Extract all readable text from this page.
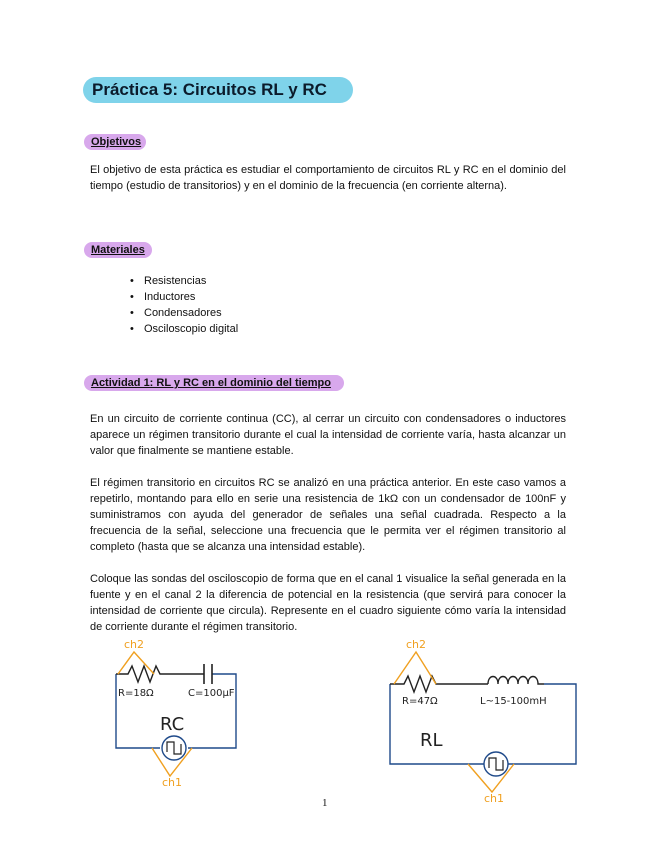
Práctica 5: Circuitos RL y RC
Objetivos

El objetivo de esta práctica es estudiar el comportamiento de circuitos RL y RC en el dominio del tiempo (estudio de transitorios) y en el dominio de la frecuencia (en corriente alterna).

Materiales
• Resistencias
• Inductores
• Condensadores
• Osciloscopio digital
Actividad 1: RL y RC en el dominio del tiempo

En un circuito de corriente continua (CC), al cerrar un circuito con condensadores o inductores aparece un régimen transitorio durante el cual la intensidad de corriente varía, hasta alcanzar un valor que finalmente se mantiene estable.

El régimen transitorio en circuitos RC se analizó en una práctica anterior. En este caso vamos a repetirlo, montando para ello en serie una resistencia de 1kΩ con un condensador de 100nF y suministramos con ayuda del generador de señales una señal cuadrada. Respecto a la frecuencia de la señal, seleccione una frecuencia que le permita ver el régimen transitorio al completo (hasta que se alcanza una intensidad estable).

Coloque las sondas del osciloscopio de forma que en el canal 1 visualice la señal generada en la fuente y en el canal 2 la diferencia de potencial en la resistencia (que servirá para conocer la intensidad de corriente que circula). Represente en el cuadro siguiente cómo varía la intensidad de corriente durante el régimen transitorio.

ch2
R=18Ω	C=100μF
RC
ch1
ch2
R=47Ω	L~15-100mH
RL
ch1
1
